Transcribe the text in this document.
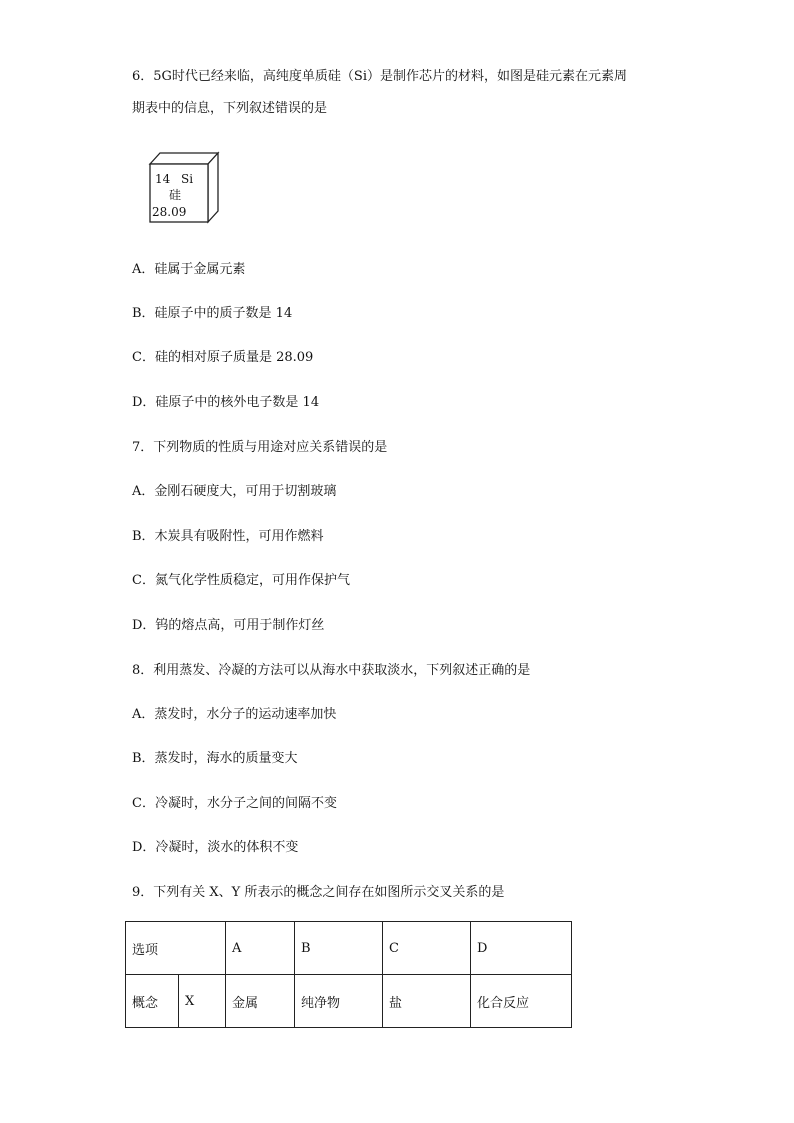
6．5G时代已经来临，高纯度单质硅（Si）是制作芯片的材料，如图是硅元素在元素周
期表中的信息，下列叙述错误的是
14 Si
硅
28.09
A．硅属于金属元素
B．硅原子中的质子数是 14
C．硅的相对原子质量是 28.09
D．硅原子中的核外电子数是 14
7．下列物质的性质与用途对应关系错误的是
A．金刚石硬度大，可用于切割玻璃
B．木炭具有吸附性，可用作燃料
C．氮气化学性质稳定，可用作保护气
D．钨的熔点高，可用于制作灯丝
8．利用蒸发、冷凝的方法可以从海水中获取淡水，下列叙述正确的是
A．蒸发时，水分子的运动速率加快
B．蒸发时，海水的质量变大
C．冷凝时，水分子之间的间隔不变
D．冷凝时，淡水的体积不变
9．下列有关 X、Y 所表示的概念之间存在如图所示交叉关系的是
选项		A	B	C	D
概念	X	金属	纯净物	盐	化合反应
